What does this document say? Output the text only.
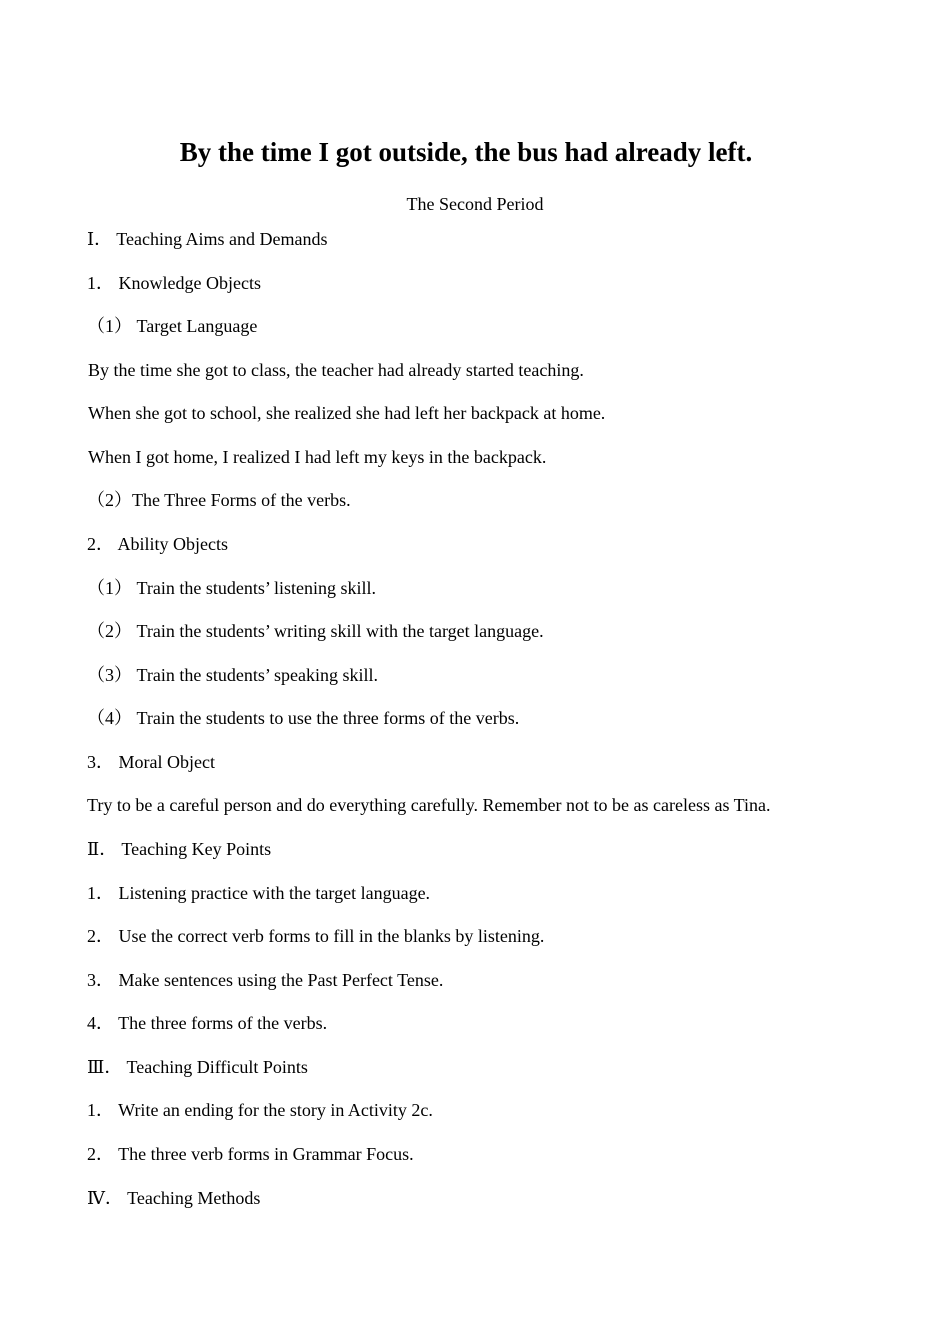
By the time I got outside, the bus had already left.
The Second Period
Ⅰ． Teaching Aims and Demands
1． Knowledge Objects
（1） Target Language
By the time she got to class, the teacher had already started teaching.
When she got to school, she realized she had left her backpack at home.
When I got home, I realized I had left my keys in the backpack.
（2）The Three Forms of the verbs.
2． Ability Objects
（1） Train the students’ listening skill.
（2） Train the students’ writing skill with the target language.
（3） Train the students’ speaking skill.
（4） Train the students to use the three forms of the verbs.
3． Moral Object
Try to be a careful person and do everything carefully. Remember not to be as careless as Tina.
Ⅱ． Teaching Key Points
1． Listening practice with the target language.
2． Use the correct verb forms to fill in the blanks by listening.
3． Make sentences using the Past Perfect Tense.
4． The three forms of the verbs.
Ⅲ． Teaching Difficult Points
1． Write an ending for the story in Activity 2c.
2． The three verb forms in Grammar Focus.
Ⅳ． Teaching Methods
